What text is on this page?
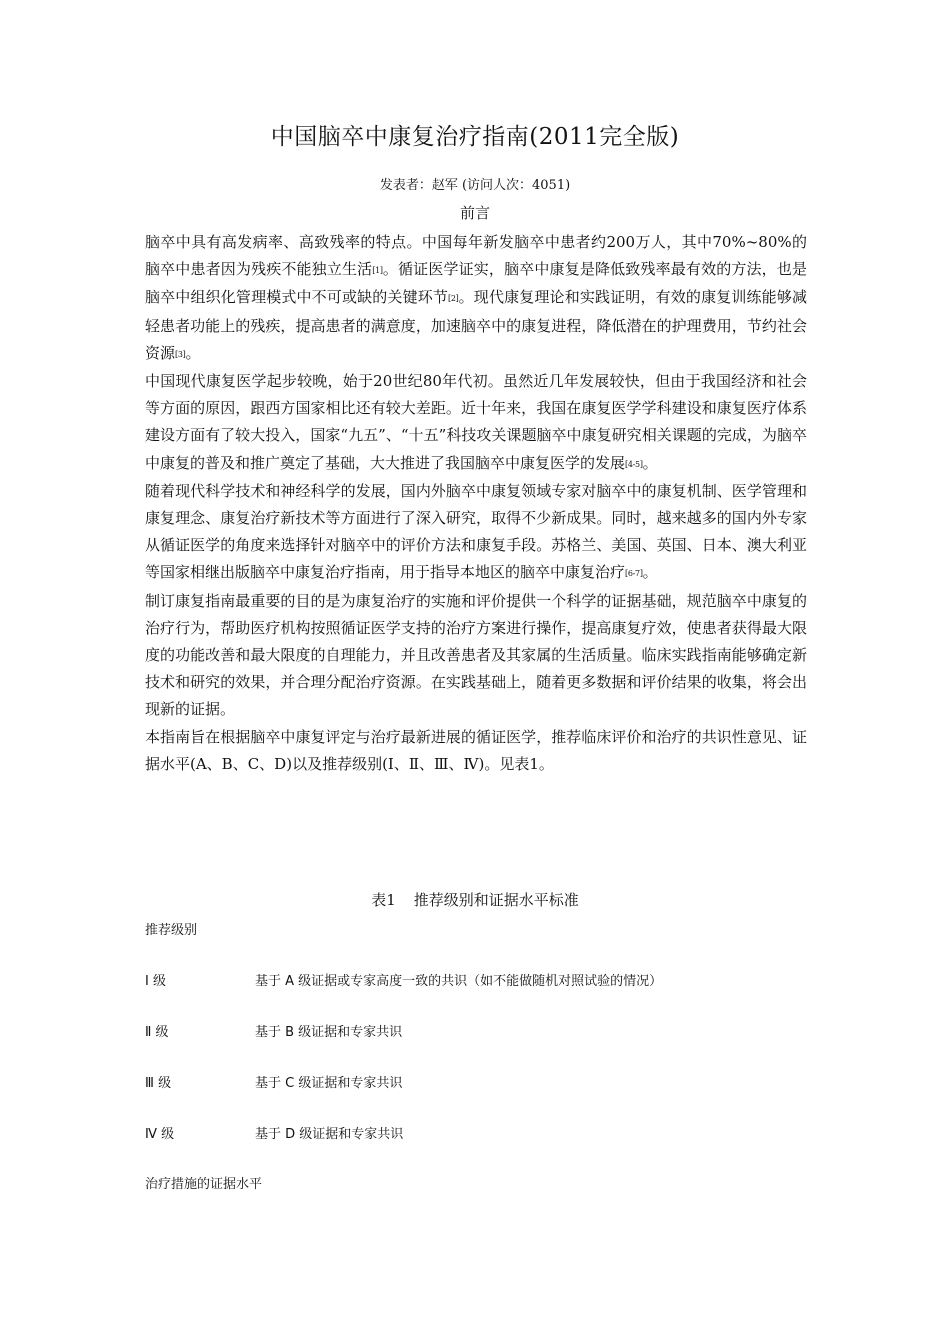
中国脑卒中康复治疗指南(2011完全版)
发表者：赵军 (访问人次：4051)
前言

脑卒中具有高发病率、高致残率的特点。中国每年新发脑卒中患者约200万人，其中70%~80%的脑卒中患者因为残疾不能独立生活[1]。循证医学证实，脑卒中康复是降低致残率最有效的方法，也是脑卒中组织化管理模式中不可或缺的关键环节[2]。现代康复理论和实践证明，有效的康复训练能够减轻患者功能上的残疾，提高患者的满意度，加速脑卒中的康复进程，降低潜在的护理费用，节约社会资源[3]。

中国现代康复医学起步较晚，始于20世纪80年代初。虽然近几年发展较快，但由于我国经济和社会等方面的原因，跟西方国家相比还有较大差距。近十年来，我国在康复医学学科建设和康复医疗体系建设方面有了较大投入，国家“九五”、“十五”科技攻关课题脑卒中康复研究相关课题的完成，为脑卒中康复的普及和推广奠定了基础，大大推进了我国脑卒中康复医学的发展[4-5]。

随着现代科学技术和神经科学的发展，国内外脑卒中康复领域专家对脑卒中的康复机制、医学管理和康复理念、康复治疗新技术等方面进行了深入研究，取得不少新成果。同时，越来越多的国内外专家从循证医学的角度来选择针对脑卒中的评价方法和康复手段。苏格兰、美国、英国、日本、澳大利亚等国家相继出版脑卒中康复治疗指南，用于指导本地区的脑卒中康复治疗[6-7]。

制订康复指南最重要的目的是为康复治疗的实施和评价提供一个科学的证据基础，规范脑卒中康复的治疗行为，帮助医疗机构按照循证医学支持的治疗方案进行操作，提高康复疗效，使患者获得最大限度的功能改善和最大限度的自理能力，并且改善患者及其家属的生活质量。临床实践指南能够确定新技术和研究的效果，并合理分配治疗资源。在实践基础上，随着更多数据和评价结果的收集，将会出现新的证据。

本指南旨在根据脑卒中康复评定与治疗最新进展的循证医学，推荐临床评价和治疗的共识性意见、证据水平(A、B、C、D)以及推荐级别(Ⅰ、Ⅱ、Ⅲ、Ⅳ)。见表1。

表1 推荐级别和证据水平标准
推荐级别
Ⅰ 级	基于 A 级证据或专家高度一致的共识（如不能做随机对照试验的情况）
Ⅱ 级	基于 B 级证据和专家共识
Ⅲ 级	基于 C 级证据和专家共识
Ⅳ 级	基于 D 级证据和专家共识
治疗措施的证据水平
